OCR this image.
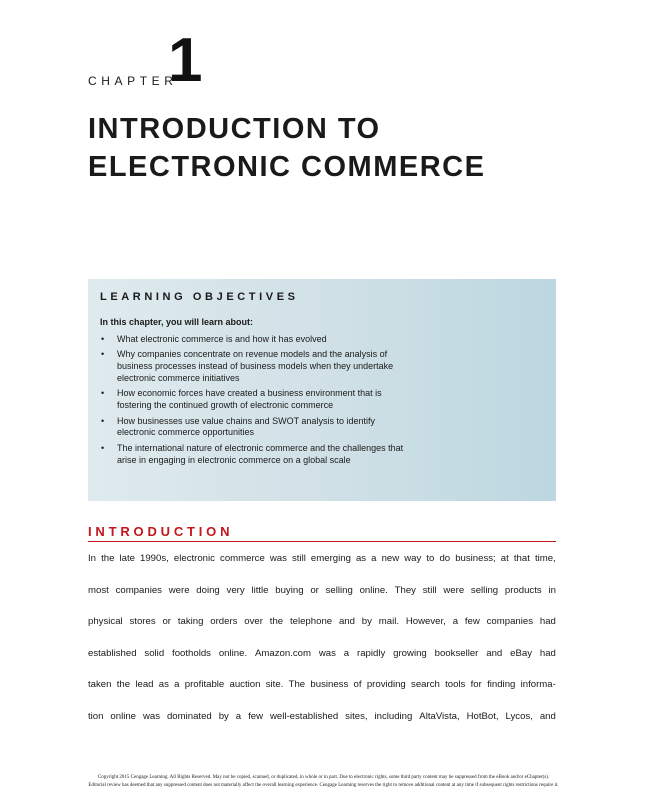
CHAPTER
1
INTRODUCTION TO
ELECTRONIC COMMERCE
LEARNING OBJECTIVES
In this chapter, you will learn about:
• What electronic commerce is and how it has evolved
• Why companies concentrate on revenue models and the analysis of
business processes instead of business models when they undertake
electronic commerce initiatives
• How economic forces have created a business environment that is
fostering the continued growth of electronic commerce
• How businesses use value chains and SWOT analysis to identify
electronic commerce opportunities
• The international nature of electronic commerce and the challenges that
arise in engaging in electronic commerce on a global scale
INTRODUCTION
In the late 1990s, electronic commerce was still emerging as a new way to do business; at that time,
most companies were doing very little buying or selling online. They still were selling products in
physical stores or taking orders over the telephone and by mail. However, a few companies had
established solid footholds online. Amazon.com was a rapidly growing bookseller and eBay had
taken the lead as a profitable auction site. The business of providing search tools for finding informa-
tion online was dominated by a few well-established sites, including AltaVista, HotBot, Lycos, and
Copyright 2015 Cengage Learning. All Rights Reserved. May not be copied, scanned, or duplicated, in whole or in part. Due to electronic rights, some third party content may be suppressed from the eBook and/or eChapter(s).
Editorial review has deemed that any suppressed content does not materially affect the overall learning experience. Cengage Learning reserves the right to remove additional content at any time if subsequent rights restrictions require it.
